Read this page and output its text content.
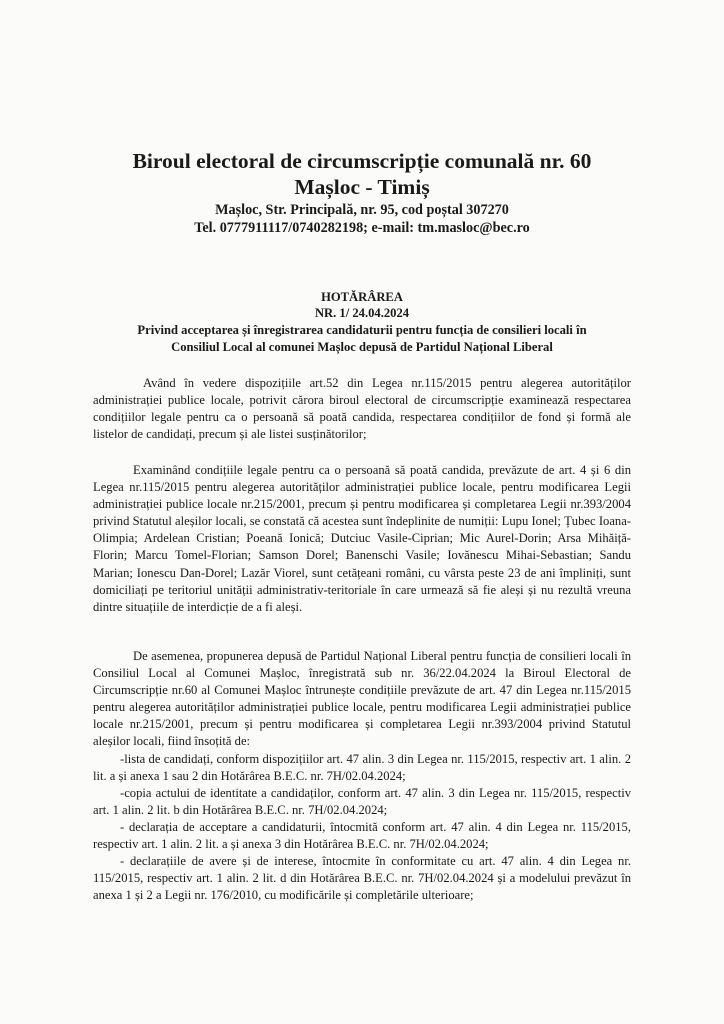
Biroul electoral de circumscripție comunală nr. 60
Mașloc - Timiș
Mașloc, Str. Principală, nr. 95, cod poștal 307270
Tel. 0777911117/0740282198; e-mail: tm.masloc@bec.ro
HOTĂRÂREA
NR. 1/ 24.04.2024
Privind acceptarea și înregistrarea candidaturii pentru funcția de consilieri locali în
Consiliul Local al comunei Mașloc depusă de Partidul Național Liberal

Având în vedere dispozițiile art.52 din Legea nr.115/2015 pentru alegerea autorităților administrației publice locale, potrivit cărora biroul electoral de circumscripție examinează respectarea condițiilor legale pentru ca o persoană să poată candida, respectarea condițiilor de fond și formă ale listelor de candidați, precum și ale listei susținătorilor;

Examinând condițiile legale pentru ca o persoană să poată candida, prevăzute de art. 4 și 6 din Legea nr.115/2015 pentru alegerea autorităților administrației publice locale, pentru modificarea Legii administrației publice locale nr.215/2001, precum și pentru modificarea și completarea Legii nr.393/2004 privind Statutul aleșilor locali, se constată că acestea sunt îndeplinite de numiții: Lupu Ionel; Țubec Ioana-Olimpia; Ardelean Cristian; Poeană Ionică; Dutciuc Vasile-Ciprian; Mic Aurel-Dorin; Arsa Mihăiță-Florin; Marcu Tomel-Florian; Samson Dorel; Banenschi Vasile; Iovănescu Mihai-Sebastian; Sandu Marian; Ionescu Dan-Dorel; Lazăr Viorel, sunt cetățeani români, cu vârsta peste 23 de ani împliniți, sunt domiciliați pe teritoriul unității administrativ-teritoriale în care urmează să fie aleși și nu rezultă vreuna dintre situațiile de interdicție de a fi aleși.

De asemenea, propunerea depusă de Partidul Național Liberal pentru funcția de consilieri locali în Consiliul Local al Comunei Mașloc, înregistrată sub nr. 36/22.04.2024 la Biroul Electoral de Circumscripție nr.60 al Comunei Mașloc întrunește condițiile prevăzute de art. 47 din Legea nr.115/2015 pentru alegerea autorităților administrației publice locale, pentru modificarea Legii administrației publice locale nr.215/2001, precum și pentru modificarea și completarea Legii nr.393/2004 privind Statutul aleșilor locali, fiind însoțită de:

-lista de candidați, conform dispozițiilor art. 47 alin. 3 din Legea nr. 115/2015, respectiv art. 1 alin. 2 lit. a și anexa 1 sau 2 din Hotărârea B.E.C. nr. 7H/02.04.2024;

-copia actului de identitate a candidaților, conform art. 47 alin. 3 din Legea nr. 115/2015, respectiv art. 1 alin. 2 lit. b din Hotărârea B.E.C. nr. 7H/02.04.2024;

- declarația de acceptare a candidaturii, întocmită conform art. 47 alin. 4 din Legea nr. 115/2015, respectiv art. 1 alin. 2 lit. a și anexa 3 din Hotărârea B.E.C. nr. 7H/02.04.2024;

- declarațiile de avere și de interese, întocmite în conformitate cu art. 47 alin. 4 din Legea nr. 115/2015, respectiv art. 1 alin. 2 lit. d din Hotărârea B.E.C. nr. 7H/02.04.2024 și a modelului prevăzut în anexa 1 și 2 a Legii nr. 176/2010, cu modificările și completările ulterioare;
